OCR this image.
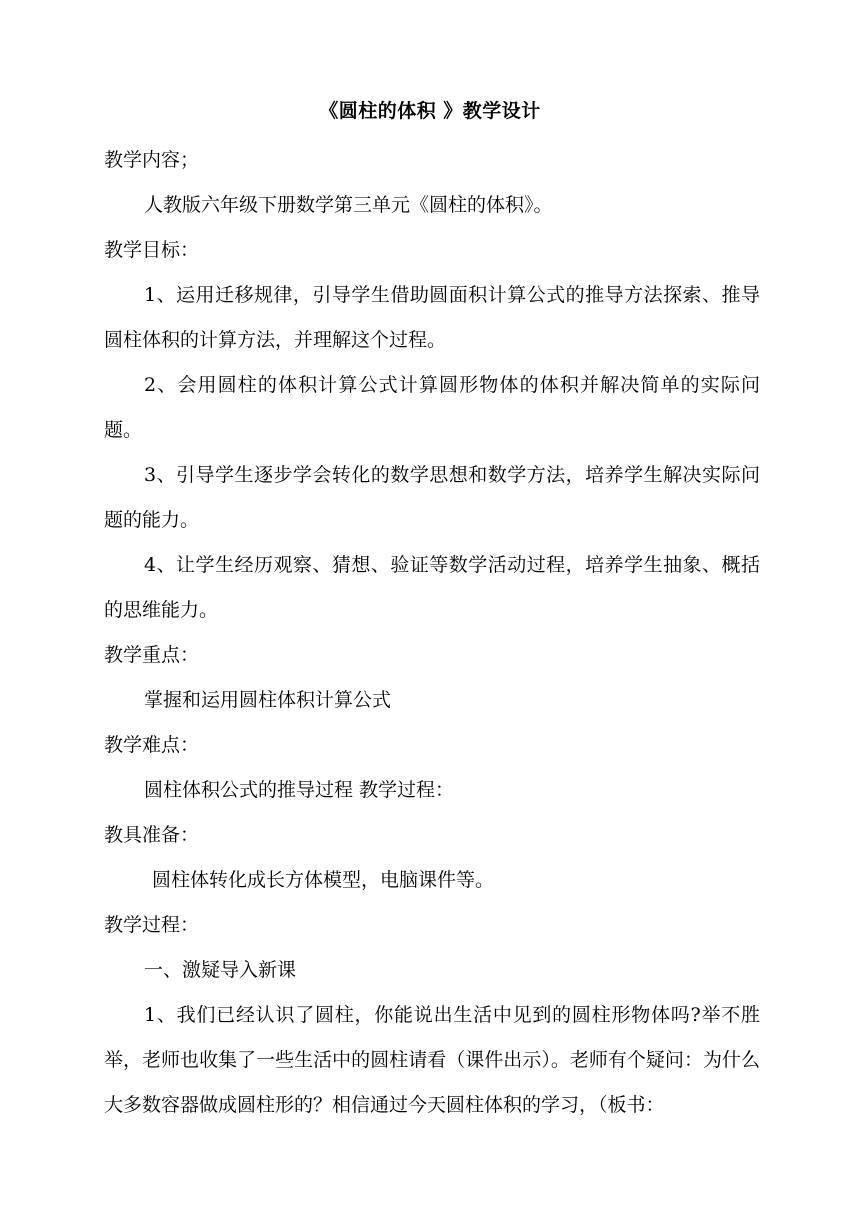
《圆柱的体积 》教学设计

教学内容；

人教版六年级下册数学第三单元《圆柱的体积》。

教学目标：

1、运用迁移规律，引导学生借助圆面积计算公式的推导方法探索、推导圆柱体积的计算方法，并理解这个过程。

2、会用圆柱的体积计算公式计算圆形物体的体积并解决简单的实际问题。

3、引导学生逐步学会转化的数学思想和数学方法，培养学生解决实际问题的能力。

4、让学生经历观察、猜想、验证等数学活动过程，培养学生抽象、概括的思维能力。

教学重点：

掌握和运用圆柱体积计算公式

教学难点：

圆柱体积公式的推导过程 教学过程：

教具准备：

圆柱体转化成长方体模型，电脑课件等。

教学过程：

一、激疑导入新课

1、我们已经认识了圆柱，你能说出生活中见到的圆柱形物体吗?举不胜举，老师也收集了一些生活中的圆柱请看（课件出示）。老师有个疑问：为什么大多数容器做成圆柱形的？相信通过今天圆柱体积的学习，（板书：
